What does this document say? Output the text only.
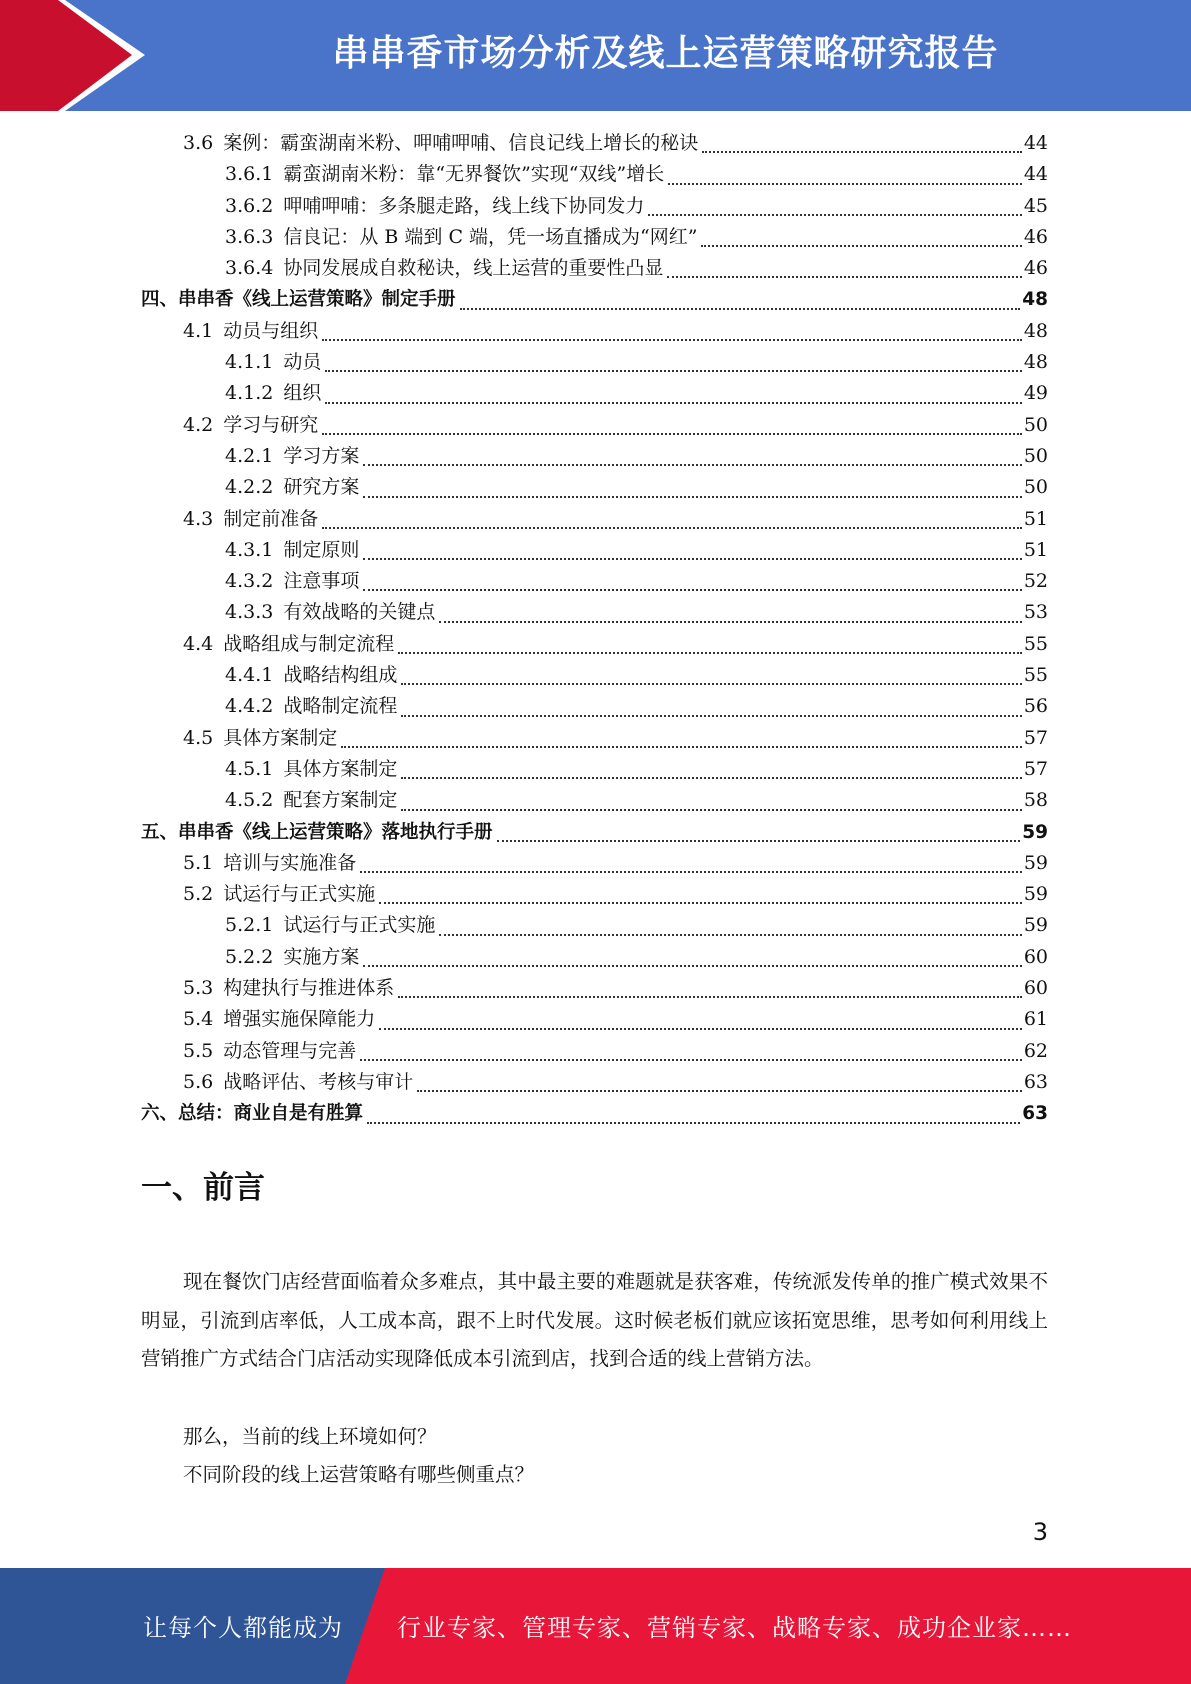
串串香市场分析及线上运营策略研究报告
3.6 案例：霸蛮湖南米粉、呷哺呷哺、信良记线上增长的秘诀	44
3.6.1 霸蛮湖南米粉：靠“无界餐饮”实现“双线”增长	44
3.6.2 呷哺呷哺：多条腿走路，线上线下协同发力	45
3.6.3 信良记：从 B 端到 C 端，凭一场直播成为“网红”	46
3.6.4 协同发展成自救秘诀，线上运营的重要性凸显	46
四、串串香《线上运营策略》制定手册	48
4.1 动员与组织	48
4.1.1 动员	48
4.1.2 组织	49
4.2 学习与研究	50
4.2.1 学习方案	50
4.2.2 研究方案	50
4.3 制定前准备	51
4.3.1 制定原则	51
4.3.2 注意事项	52
4.3.3 有效战略的关键点	53
4.4 战略组成与制定流程	55
4.4.1 战略结构组成	55
4.4.2 战略制定流程	56
4.5 具体方案制定	57
4.5.1 具体方案制定	57
4.5.2 配套方案制定	58
五、串串香《线上运营策略》落地执行手册	59
5.1 培训与实施准备	59
5.2 试运行与正式实施	59
5.2.1 试运行与正式实施	59
5.2.2 实施方案	60
5.3 构建执行与推进体系	60
5.4 增强实施保障能力	61
5.5 动态管理与完善	62
5.6 战略评估、考核与审计	63
六、总结：商业自是有胜算	63
一、前言

现在餐饮门店经营面临着众多难点，其中最主要的难题就是获客难，传统派发传单的推广模式效果不明显，引流到店率低，人工成本高，跟不上时代发展。这时候老板们就应该拓宽思维，思考如何利用线上营销推广方式结合门店活动实现降低成本引流到店，找到合适的线上营销方法。

那么，当前的线上环境如何？

不同阶段的线上运营策略有哪些侧重点？

3
让每个人都能成为 行业专家、管理专家、营销专家、战略专家、成功企业家……
